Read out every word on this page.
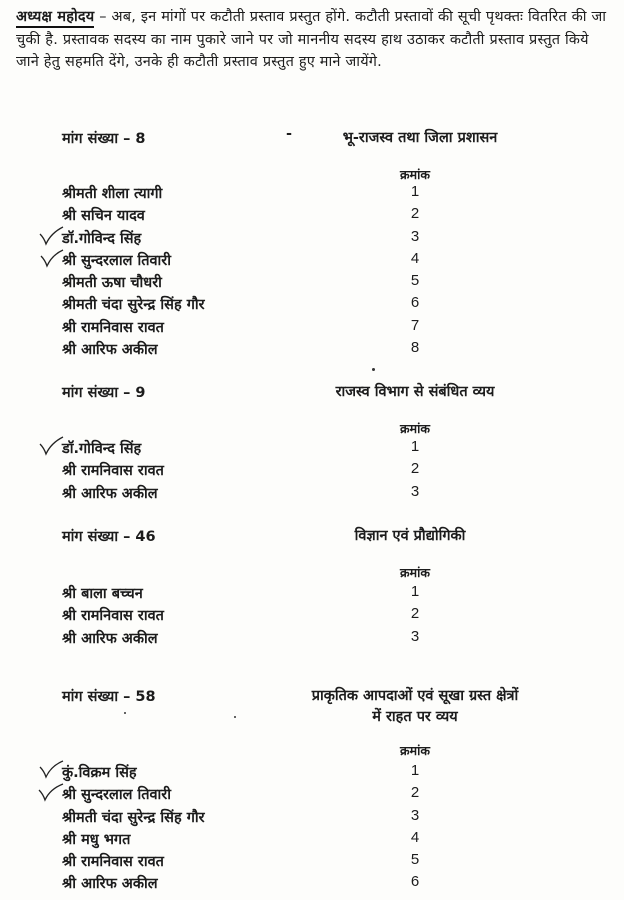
अध्यक्ष महोदय – अब, इन मांगों पर कटौती प्रस्ताव प्रस्तुत होंगे. कटौती प्रस्तावों की सूची पृथक्तः वितरित की जा चुकी है. प्रस्तावक सदस्य का नाम पुकारे जाने पर जो माननीय सदस्य हाथ उठाकर कटौती प्रस्ताव प्रस्तुत किये जाने हेतु सहमति देंगे, उनके ही कटौती प्रस्ताव प्रस्तुत हुए माने जायेंगे.
मांग संख्या – 8	-	भू-राजस्व तथा जिला प्रशासन
क्रमांक
श्रीमती शीला त्यागी	1
श्री सचिन यादव	2
डॉ.गोविन्द सिंह	3
श्री सुन्दरलाल तिवारी	4
श्रीमती ऊषा चौधरी	5
श्रीमती चंदा सुरेन्द्र सिंह गौर	6
श्री रामनिवास रावत	7
श्री आरिफ अकील	8
मांग संख्या – 9	राजस्व विभाग से संबंधित व्यय
क्रमांक
डॉ.गोविन्द सिंह	1
श्री रामनिवास रावत	2
श्री आरिफ अकील	3
मांग संख्या – 46	विज्ञान एवं प्रौद्योगिकी
क्रमांक
श्री बाला बच्चन	1
श्री रामनिवास रावत	2
श्री आरिफ अकील	3
मांग संख्या – 58	प्राकृतिक आपदाओं एवं सूखा ग्रस्त क्षेत्रों में राहत पर व्यय
क्रमांक
कुं.विक्रम सिंह	1
श्री सुन्दरलाल तिवारी	2
श्रीमती चंदा सुरेन्द्र सिंह गौर	3
श्री मधु भगत	4
श्री रामनिवास रावत	5
श्री आरिफ अकील	6
